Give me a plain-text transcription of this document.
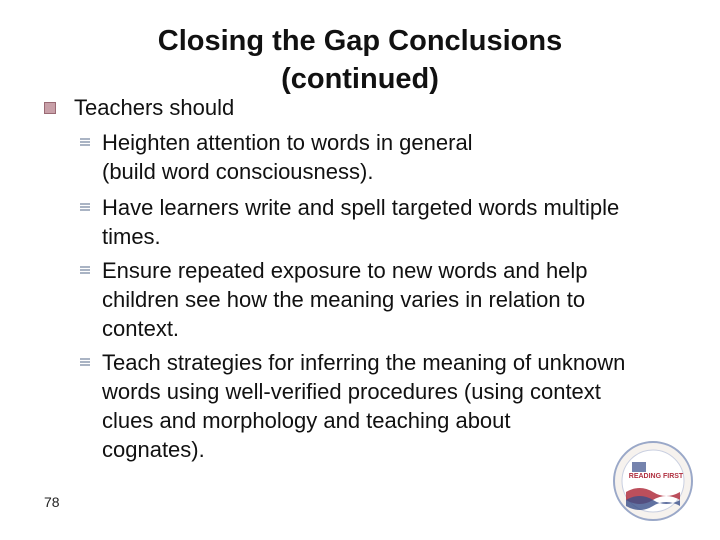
Closing the Gap Conclusions
(continued)
Teachers should
Heighten attention to words in general
(build word consciousness).
Have learners write and spell targeted words multiple
times.
Ensure repeated exposure to new words and help
children see how the meaning varies in relation to
context.
Teach strategies for inferring the meaning of unknown
words using well-verified procedures (using context
clues and morphology and teaching about
cognates).
78
READING FIRST
